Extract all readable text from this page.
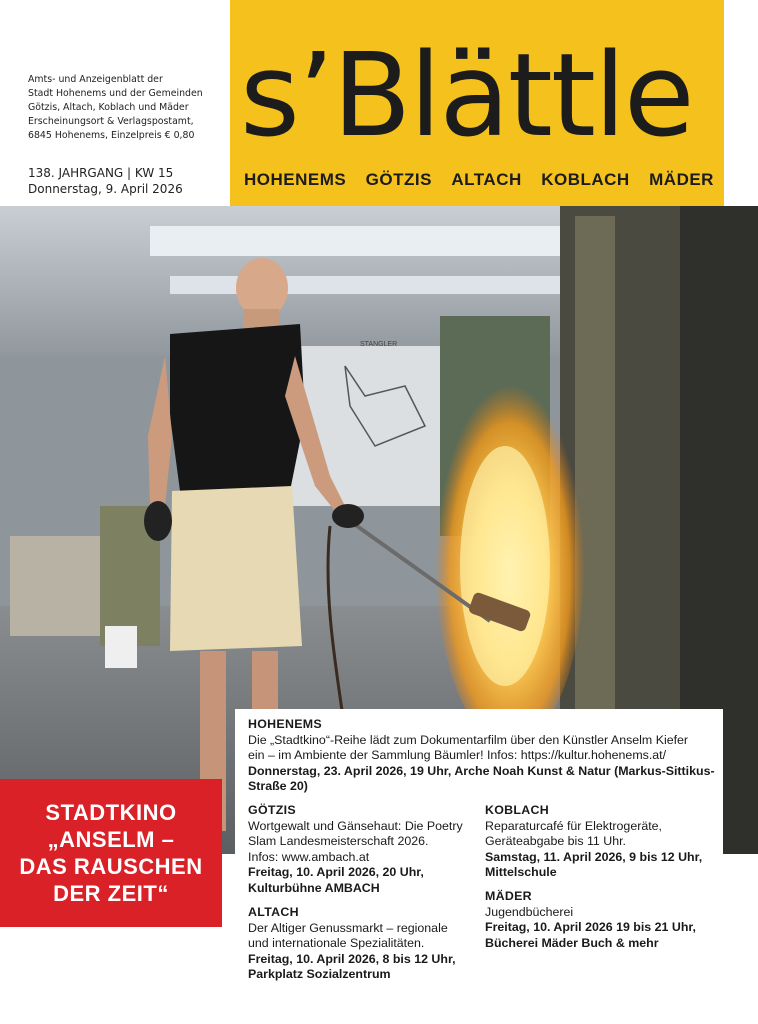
Amts- und Anzeigenblatt der
Stadt Hohenems und der Gemeinden
Götzis, Altach, Koblach und Mäder
Erscheinungsort & Verlagspostamt,
6845 Hohenems, Einzelpreis € 0,80
138. JAHRGANG | KW 15
Donnerstag, 9. April 2026
s’Blättle
HOHENEMS GÖTZIS ALTACH KOBLACH MÄDER
STANGLER
STADTKINO
„ANSELM –
DAS RAUSCHEN
DER ZEIT“
HOHENEMS
Die „Stadtkino“-Reihe lädt zum Dokumentarfilm über den Künstler Anselm Kiefer
ein – im Ambiente der Sammlung Bäumler! Infos: https://kultur.hohenems.at/
Donnerstag, 23. April 2026, 19 Uhr, Arche Noah Kunst & Natur (Markus-Sittikus-
Straße 20)
GÖTZIS
Wortgewalt und Gänsehaut: Die Poetry
Slam Landesmeisterschaft 2026.
Infos: www.ambach.at
Freitag, 10. April 2026, 20 Uhr,
Kulturbühne AMBACH
ALTACH
Der Altiger Genussmarkt – regionale
und internationale Spezialitäten.
Freitag, 10. April 2026, 8 bis 12 Uhr,
Parkplatz Sozialzentrum
KOBLACH
Reparaturcafé für Elektrogeräte,
Geräteabgabe bis 11 Uhr.
Samstag, 11. April 2026, 9 bis 12 Uhr,
Mittelschule
MÄDER
Jugendbücherei
Freitag, 10. April 2026 19 bis 21 Uhr,
Bücherei Mäder Buch & mehr
